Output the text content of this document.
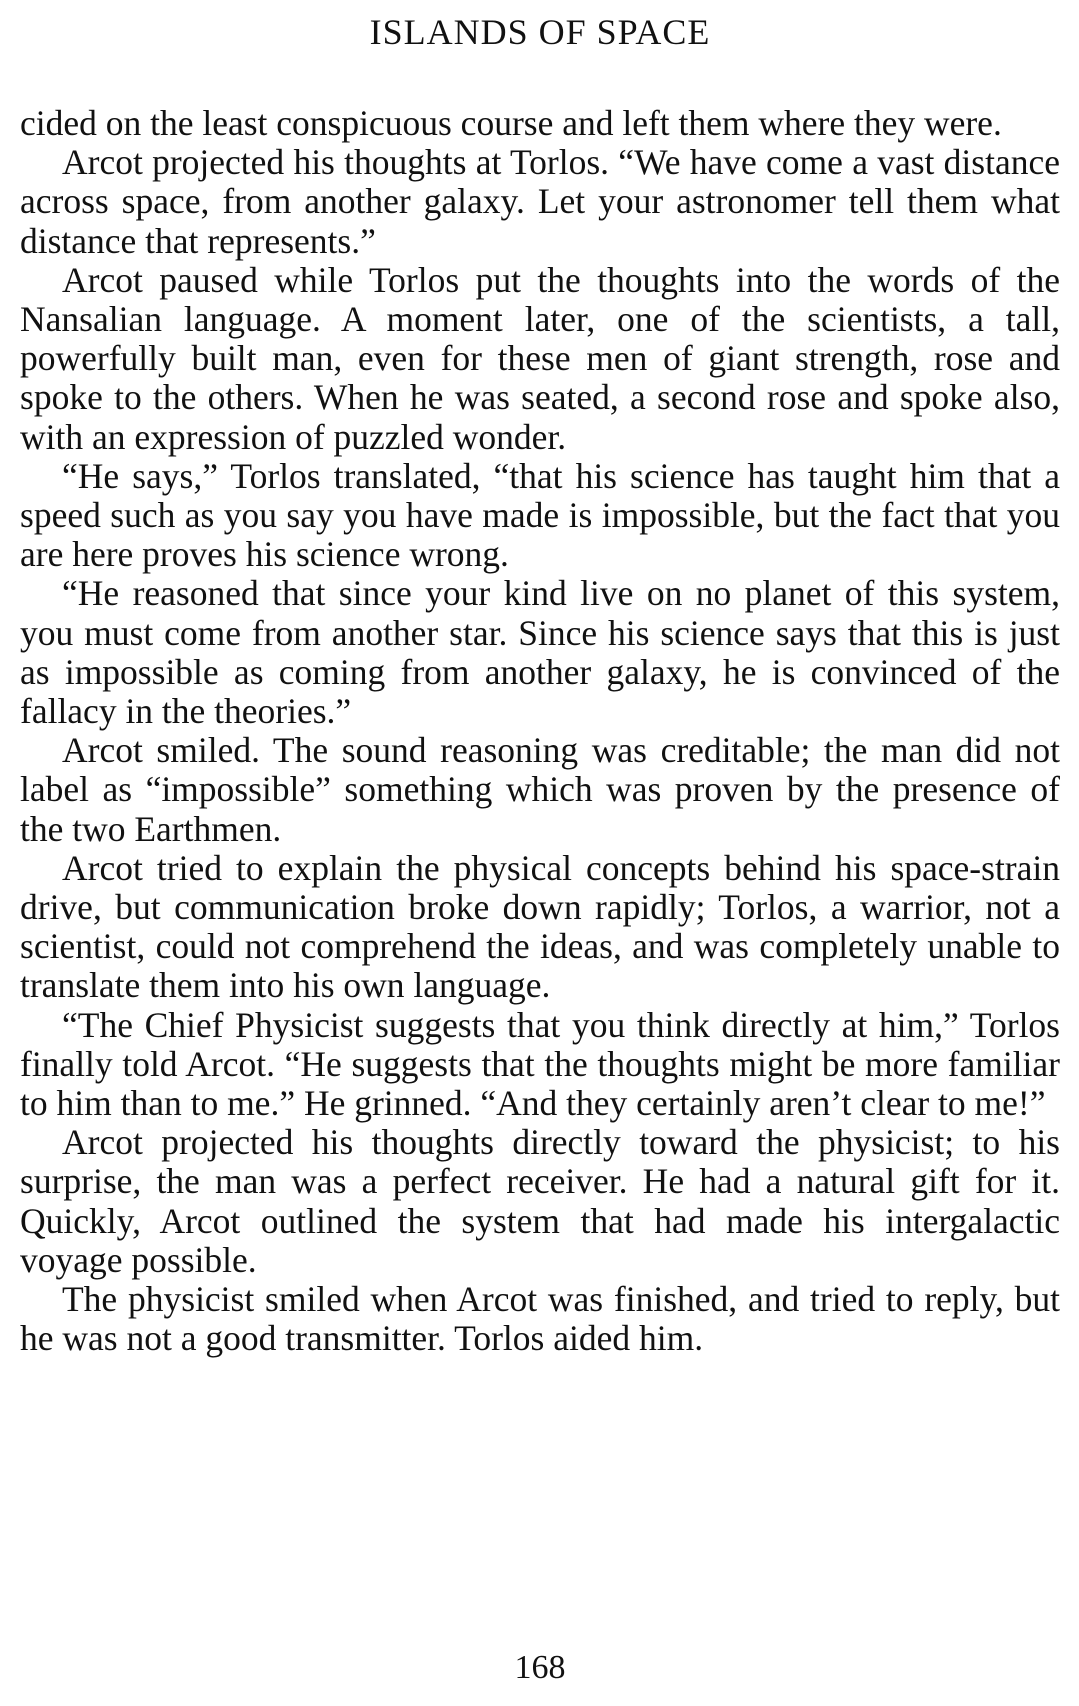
ISLANDS OF SPACE

cided on the least conspicuous course and left them where they were.

Arcot projected his thoughts at Torlos. “We have come a vast distance across space, from another galaxy. Let your astronomer tell them what distance that represents.”

Arcot paused while Torlos put the thoughts into the words of the Nansalian language. A moment later, one of the scientists, a tall, powerfully built man, even for these men of giant strength, rose and spoke to the others. When he was seated, a second rose and spoke also, with an expression of puzzled wonder.

“He says,” Torlos translated, “that his science has taught him that a speed such as you say you have made is impossible, but the fact that you are here proves his science wrong.

“He reasoned that since your kind live on no planet of this system, you must come from another star. Since his science says that this is just as impossible as coming from another galaxy, he is convinced of the fallacy in the theories.”

Arcot smiled. The sound reasoning was creditable; the man did not label as “impossible” something which was proven by the presence of the two Earthmen.

Arcot tried to explain the physical concepts behind his space-strain drive, but communication broke down rapidly; Torlos, a warrior, not a scientist, could not comprehend the ideas, and was completely unable to translate them into his own language.

“The Chief Physicist suggests that you think directly at him,” Torlos finally told Arcot. “He suggests that the thoughts might be more familiar to him than to me.” He grinned. “And they certainly aren’t clear to me!”

Arcot projected his thoughts directly toward the physicist; to his surprise, the man was a perfect receiver. He had a natural gift for it. Quickly, Arcot outlined the system that had made his intergalactic voyage possible.

The physicist smiled when Arcot was finished, and tried to reply, but he was not a good transmitter. Torlos aided him.

168
